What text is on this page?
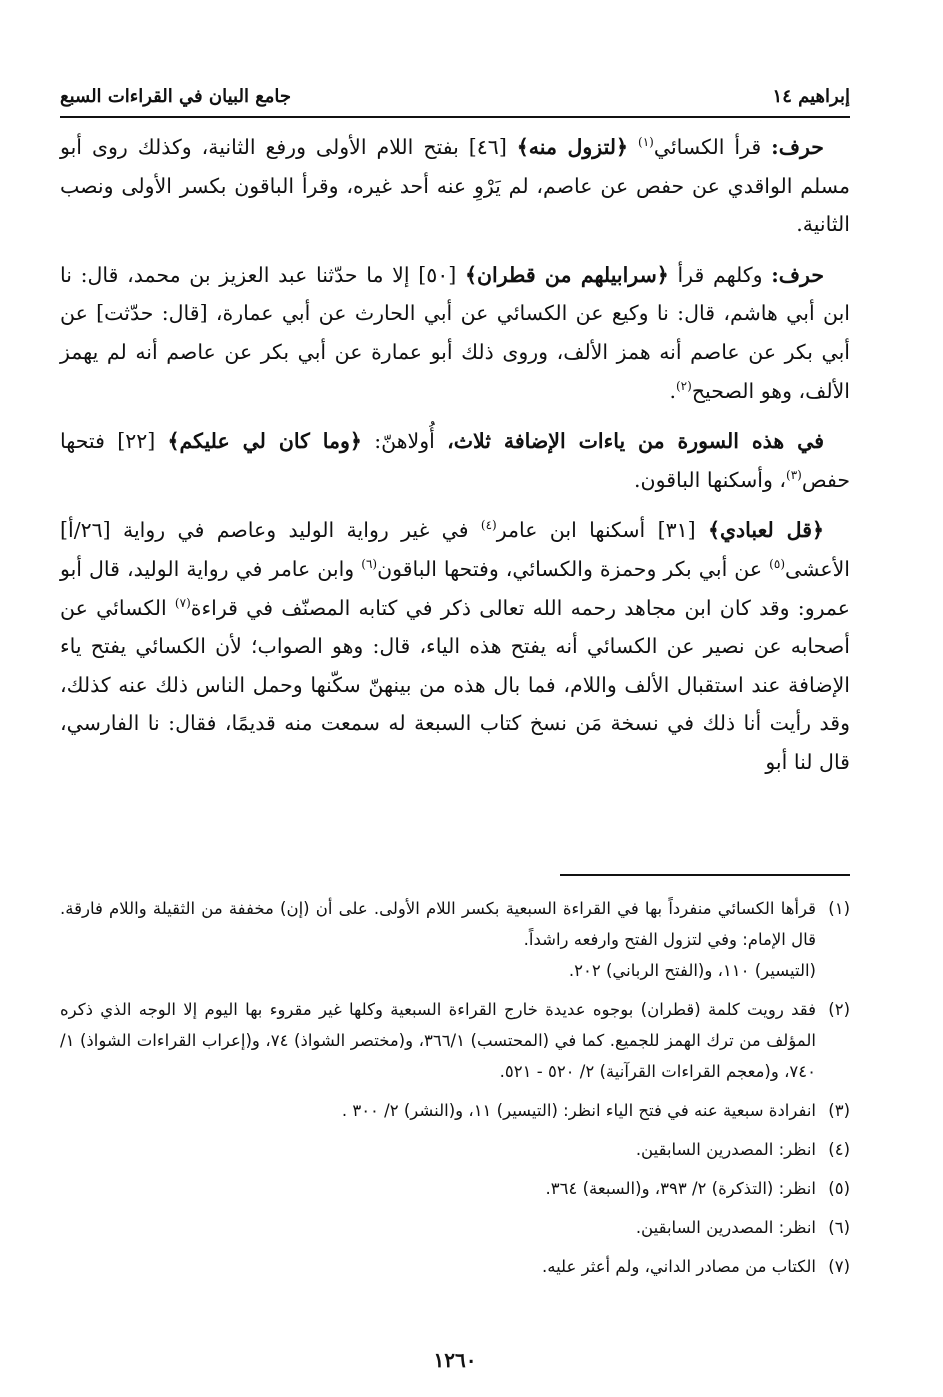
إبراهيم ١٤
جامع البيان في القراءات السبع

حرف: قرأ الكسائي$^{(١)}$ ﴿لتزول منه﴾ [٤٦] بفتح اللام الأولى ورفع الثانية، وكذلك روى أبو مسلم الواقدي عن حفص عن عاصم، لم يَرْوِ عنه أحد غيره، وقرأ الباقون بكسر الأولى ونصب الثانية.

حرف: وكلهم قرأ ﴿سرابيلهم من قطران﴾ [٥٠] إلا ما حدّثنا عبد العزيز بن محمد، قال: نا ابن أبي هاشم، قال: نا وكيع عن الكسائي عن أبي الحارث عن أبي عمارة، [قال: حدّثت] عن أبي بكر عن عاصم أنه همز الألف، وروى ذلك أبو عمارة عن أبي بكر عن عاصم أنه لم يهمز الألف، وهو الصحيح$^{(٢)}$.

في هذه السورة من ياءات الإضافة ثلاث، أُولاهنّ: ﴿وما كان لي عليكم﴾ [٢٢] فتحها حفص$^{(٣)}$، وأسكنها الباقون.

﴿قل لعبادي﴾ [٣١] أسكنها ابن عامر$^{(٤)}$ في غير رواية الوليد وعاصم في رواية [٢٦/أ] الأعشى$^{(٥)}$ عن أبي بكر وحمزة والكسائي، وفتحها الباقون$^{(٦)}$ وابن عامر في رواية الوليد، قال أبو عمرو: وقد كان ابن مجاهد رحمه الله تعالى ذكر في كتابه المصنّف في قراءة$^{(٧)}$ الكسائي عن أصحابه عن نصير عن الكسائي أنه يفتح هذه الياء، قال: وهو الصواب؛ لأن الكسائي يفتح ياء الإضافة عند استقبال الألف واللام، فما بال هذه من بينهنّ سكّنها وحمل الناس ذلك عنه كذلك، وقد رأيت أنا ذلك في نسخة مَن نسخ كتاب السبعة له سمعت منه قديمًا، فقال: نا الفارسي، قال لنا أبو

(١)
قرأها الكسائي منفرداً بها في القراءة السبعية بكسر اللام الأولى. على أن (إن) مخففة من الثقيلة واللام فارقة. قال الإمام: وفي لتزول الفتح وارفعه راشداً.
(التيسير) ١١٠، و(الفتح الرباني) ٢٠٢.
(٢)
فقد رويت كلمة (قطران) بوجوه عديدة خارج القراءة السبعية وكلها غير مقروء بها اليوم إلا الوجه الذي ذكره المؤلف من ترك الهمز للجميع. كما في (المحتسب) ٣٦٦/١، و(مختصر الشواذ) ٧٤، و(إعراب القراءات الشواذ) ١/ ٧٤٠، و(معجم القراءات القرآنية) ٢/ ٥٢٠ - ٥٢١.
(٣)
انفرادة سبعية عنه في فتح الياء انظر: (التيسير) ١١، و(النشر) ٢/ ٣٠٠ .
(٤)
انظر: المصدرين السابقين.
(٥)
انظر: (التذكرة) ٢/ ٣٩٣، و(السبعة) ٣٦٤.
(٦)
انظر: المصدرين السابقين.
(٧)
الكتاب من مصادر الداني، ولم أعثر عليه.
١٢٦٠
